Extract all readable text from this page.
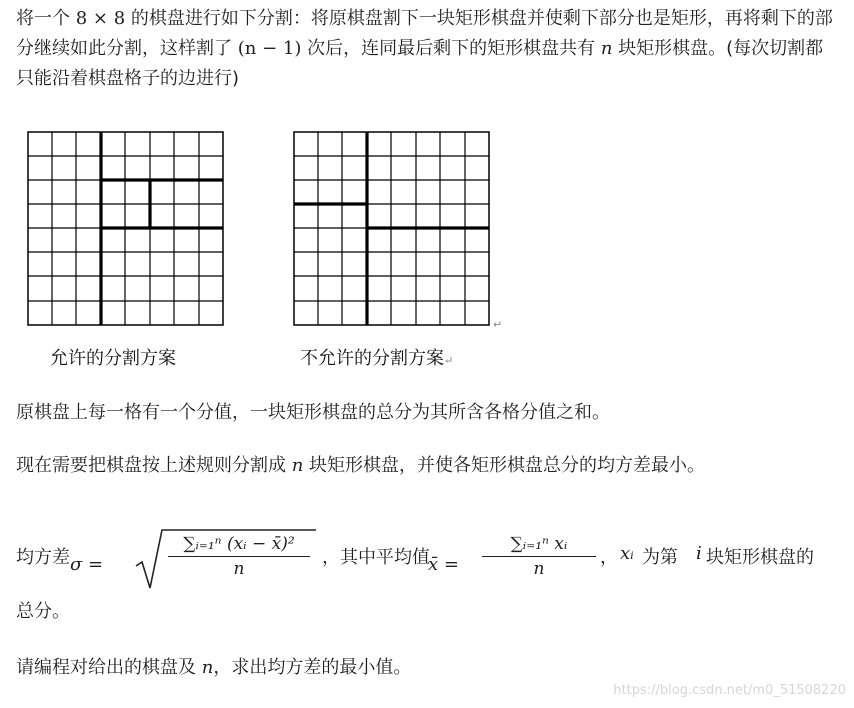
将一个 8 × 8 的棋盘进行如下分割：将原棋盘割下一块矩形棋盘并使剩下部分也是矩形，再将剩下的部分继续如此分割，这样割了 (n − 1) 次后，连同最后剩下的矩形棋盘共有 n 块矩形棋盘。(每次切割都只能沿着棋盘格子的边进行)

允许的分割方案
↵
不允许的分割方案↵

原棋盘上每一格有一个分值，一块矩形棋盘的总分为其所含各格分值之和。

现在需要把棋盘按上述规则分割成 n 块矩形棋盘，并使各矩形棋盘总分的均方差最小。

均方差 σ =
∑ᵢ₌₁ⁿ (xᵢ − x̄)²
n
，其中平均值
x̄ =
∑ᵢ₌₁ⁿ xᵢ
n
， xᵢ 为第 i 块矩形棋盘的

总分。

请编程对给出的棋盘及 n，求出均方差的最小值。

https://blog.csdn.net/m0_51508220
